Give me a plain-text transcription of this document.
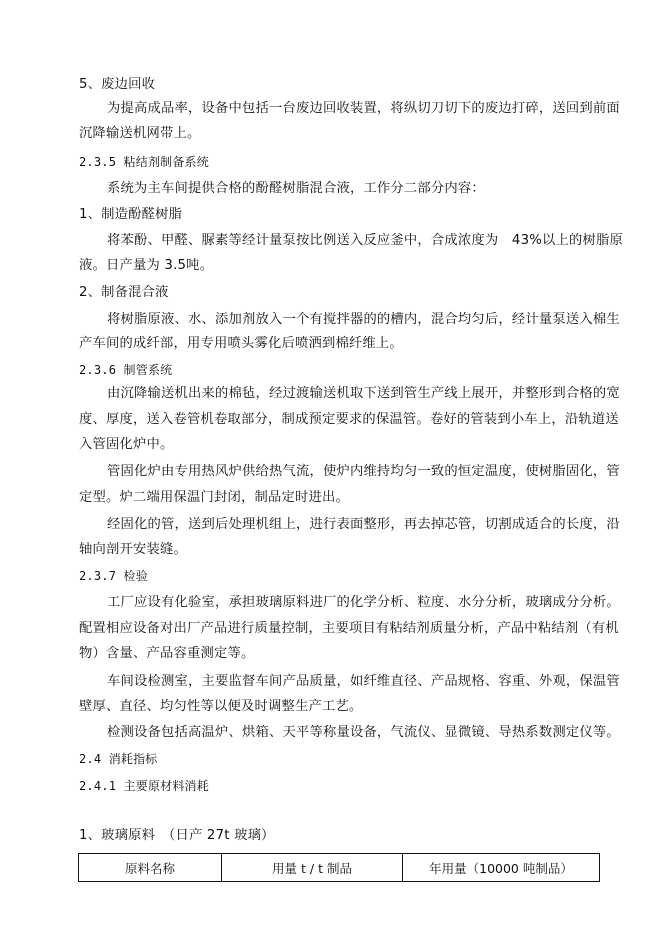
5、废边回收
为提高成品率，设备中包括一台废边回收装置，将纵切刀切下的废边打碎，送回到前面
沉降输送机网带上。
2.3.5 粘结剂制备系统
系统为主车间提供合格的酚醛树脂混合液，工作分二部分内容：
1、制造酚醛树脂
将苯酚、甲醛、脲素等经计量泵按比例送入反应釜中，合成浓度为　43%以上的树脂原
液。日产量为 3.5吨。
2、制备混合液
将树脂原液、水、添加剂放入一个有搅拌器的的槽内，混合均匀后，经计量泵送入棉生
产车间的成纤部，用专用喷头雾化后喷洒到棉纤维上。
2.3.6 制管系统
由沉降输送机出来的棉毡，经过渡输送机取下送到管生产线上展开，并整形到合格的宽
度、厚度，送入卷管机卷取部分，制成预定要求的保温管。卷好的管装到小车上，沿轨道送
入管固化炉中。
管固化炉由专用热风炉供给热气流，使炉内维持均匀一致的恒定温度，使树脂固化，管
定型。炉二端用保温门封闭，制品定时进出。
经固化的管，送到后处理机组上，进行表面整形，再去掉芯管，切割成适合的长度，沿
轴向剖开安装缝。
2.3.7 检验
工厂应设有化验室，承担玻璃原料进厂的化学分析、粒度、水分分析，玻璃成分分析。
配置相应设备对出厂产品进行质量控制，主要项目有粘结剂质量分析，产品中粘结剂（有机
物）含量、产品容重测定等。
车间设检测室，主要监督车间产品质量，如纤维直径、产品规格、容重、外观，保温管
壁厚、直径、均匀性等以便及时调整生产工艺。
检测设备包括高温炉、烘箱、天平等称量设备，气流仪、显微镜、导热系数测定仪等。
2.4 消耗指标
2.4.1 主要原材料消耗
1、玻璃原料　（日产 27t 玻璃）
原料名称	用量 t / t 制品	年用量（10000 吨制品）
